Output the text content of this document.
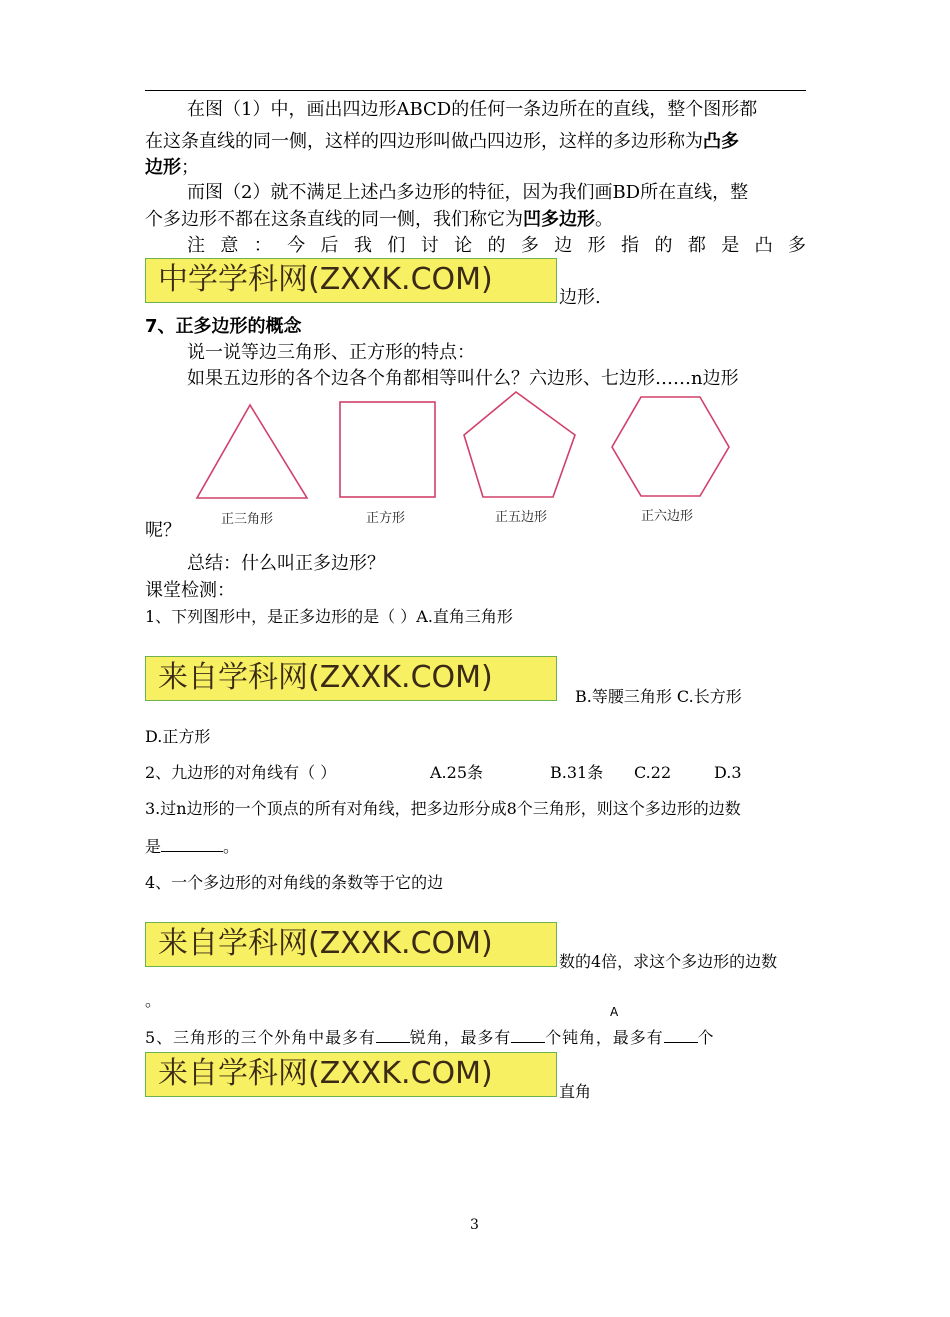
在图（1）中，画出四边形ABCD的任何一条边所在的直线，整个图形都
在这条直线的同一侧，这样的四边形叫做凸四边形，这样的多边形称为凸多
边形；
而图（2）就不满足上述凸多边形的特征，因为我们画BD所在直线，整
个多边形不都在这条直线的同一侧，我们称它为凹多边形。
注意：今后我们讨论的多边形指的都是凸多
中学学科网(ZXXK.COM)
边形.
7、正多边形的概念
说一说等边三角形、正方形的特点：
如果五边形的各个边各个角都相等叫什么？六边形、七边形……n边形
正三角形	正方形	正五边形	正六边形
呢？
总结：什么叫正多边形？
课堂检测：
1、下列图形中，是正多边形的是（ ）A.直角三角形
来自学科网(ZXXK.COM)
B.等腰三角形 C.长方形
D.正方形
2、九边形的对角线有（ ）	A.25条	B.31条 C.22	D.3
3.过n边形的一个顶点的所有对角线，把多边形分成8个三角形，则这个多边形的边数
是	。
4、一个多边形的对角线的条数等于它的边
来自学科网(ZXXK.COM)
数的4倍，求这个多边形的边数
。
A
5、三角形的三个外角中最多有 锐角，最多有 个钝角，最多有 个
来自学科网(ZXXK.COM)
直角
3
